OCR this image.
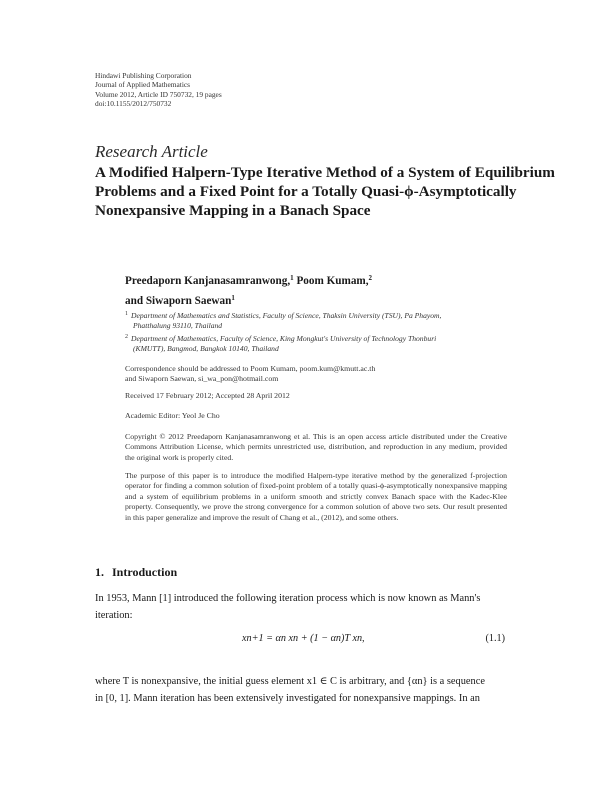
Hindawi Publishing Corporation
Journal of Applied Mathematics
Volume 2012, Article ID 750732, 19 pages
doi:10.1155/2012/750732
Research Article
A Modified Halpern-Type Iterative Method of a System of Equilibrium Problems and a Fixed Point for a Totally Quasi-ϕ-Asymptotically Nonexpansive Mapping in a Banach Space
Preedaporn Kanjanasamranwong,$^1$ Poom Kumam,$^2$
and Siwaporn Saewan$^1$
$^1$ Department of Mathematics and Statistics, Faculty of Science, Thaksin University (TSU), Pa Phayom,
Phatthalung 93110, Thailand
$^2$ Department of Mathematics, Faculty of Science, King Mongkut's University of Technology Thonburi
(KMUTT), Bangmod, Bangkok 10140, Thailand
Correspondence should be addressed to Poom Kumam, poom.kum@kmutt.ac.th
and Siwaporn Saewan, si_wa_pon@hotmail.com
Received 17 February 2012; Accepted 28 April 2012
Academic Editor: Yeol Je Cho
Copyright © 2012 Preedaporn Kanjanasamranwong et al. This is an open access article distributed under the Creative Commons Attribution License, which permits unrestricted use, distribution, and reproduction in any medium, provided the original work is properly cited.
The purpose of this paper is to introduce the modified Halpern-type iterative method by the generalized f-projection operator for finding a common solution of fixed-point problem of a totally quasi-ϕ-asymptotically nonexpansive mapping and a system of equilibrium problems in a uniform smooth and strictly convex Banach space with the Kadec-Klee property. Consequently, we prove the strong convergence for a common solution of above two sets. Our result presented in this paper generalize and improve the result of Chang et al., (2012), and some others.
1. Introduction
In 1953, Mann [1] introduced the following iteration process which is now known as Mann's iteration:
xn+1 = αn xn + (1 − αn)T xn,	(1.1)
where T is nonexpansive, the initial guess element x1 ∈ C is arbitrary, and {αn} is a sequence
in [0, 1]. Mann iteration has been extensively investigated for nonexpansive mappings. In an
